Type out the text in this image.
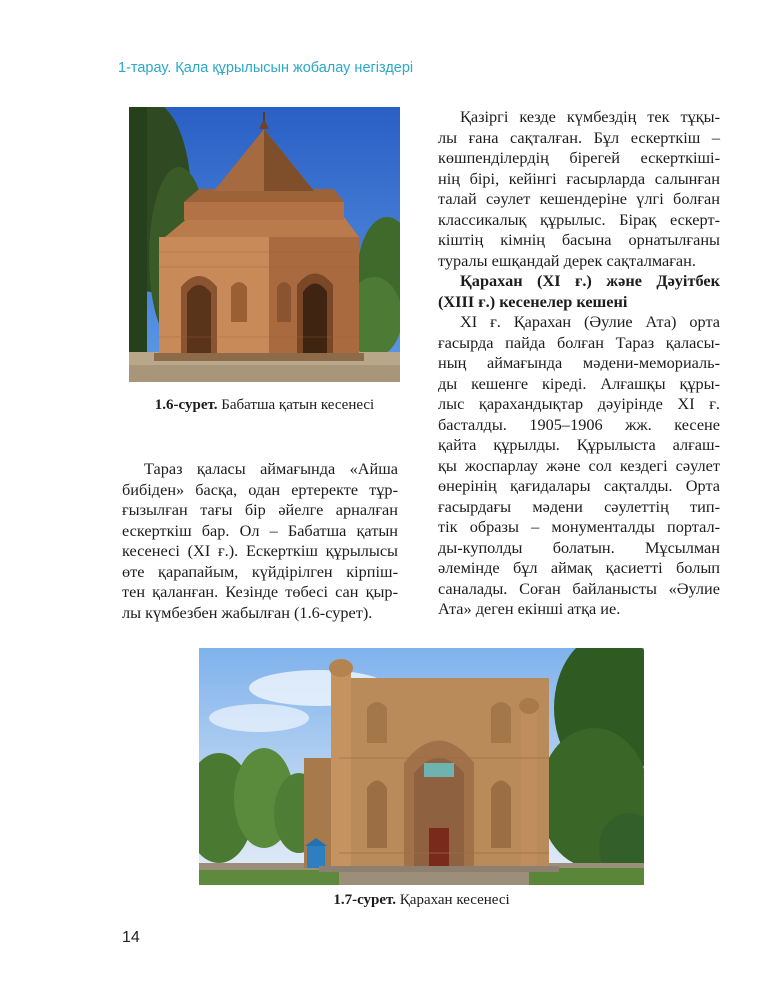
1-тарау. Қала құрылысын жобалау негіздері
1.6-сурет. Бабатша қатын кесенесі
Тараз қаласы аймағында «Айша
бибіден» басқа, одан ертеректе тұр-
ғызылған тағы бір әйелге арналған
ескерткіш бар. Ол – Бабатша қатын
кесенесі (ХІ ғ.). Ескерткіш құрылысы
өте қарапайым, күйдірілген кірпіш-
тен қаланған. Кезінде төбесі сан қыр-
лы күмбезбен жабылған (1.6-сурет).
Қазіргі кезде күмбездің тек тұқы-
лы ғана сақталған. Бұл ескерткіш –
көшпенділердің бірегей ескерткіші-
нің бірі, кейінгі ғасырларда салынған
талай сәулет кешендеріне үлгі болған
классикалық құрылыс. Бірақ ескерт-
кіштің кімнің басына орнатылғаны
туралы ешқандай дерек сақталмаған.
Қарахан (ХІ ғ.) және Дәуітбек
(ХІІІ ғ.) кесенелер кешені
ХІ ғ. Қарахан (Әулие Ата) орта
ғасырда пайда болған Тараз қаласы-
ның аймағында мәдени-мемориаль-
ды кешенге кіреді. Алғашқы құры-
лыс қарахандықтар дәуірінде XI ғ.
басталды. 1905–1906 жж. кесене
қайта құрылды. Құрылыста алғаш-
қы жоспарлау және сол кездегі сәулет
өнерінің қағидалары сақталды. Орта
ғасырдағы мәдени сәулеттің тип-
тік образы – монументалды портал-
ды-куполды болатын. Мұсылман
әлемінде бұл аймақ қасиетті болып
саналады. Соған байланысты «Әулие
Ата» деген екінші атқа ие.
1.7-сурет. Қарахан кесенесі
14
